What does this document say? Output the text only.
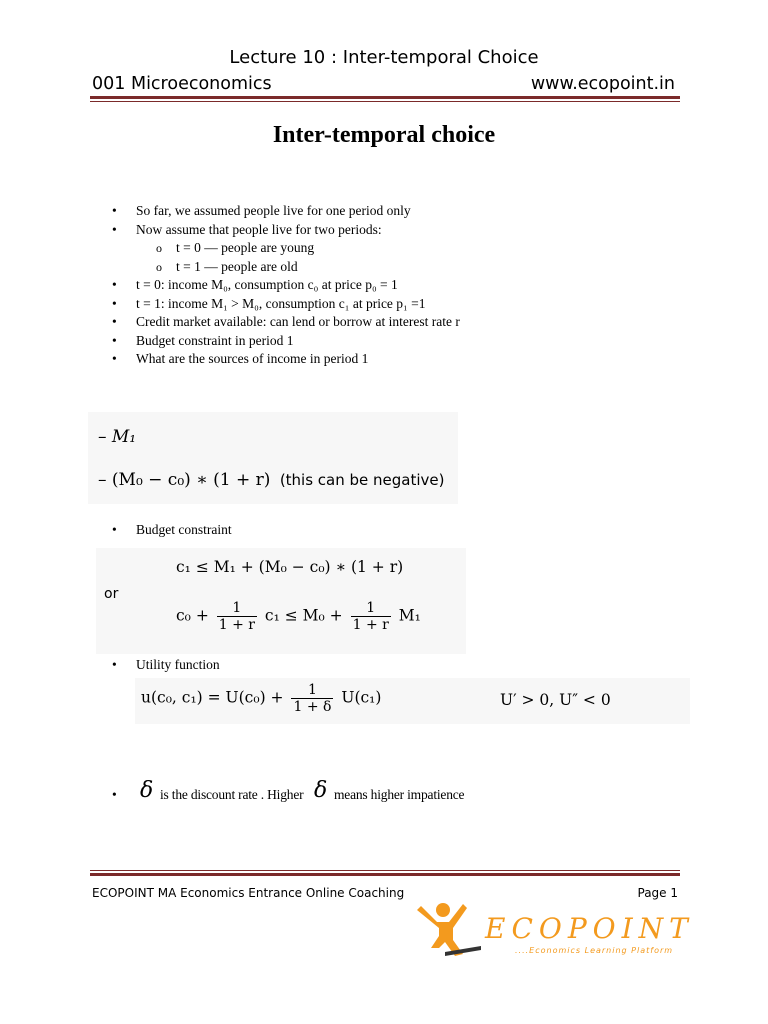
Lecture 10 : Inter-temporal Choice
001 Microeconomics	www.ecopoint.in
Inter-temporal choice
• So far, we assumed people live for one period only
• Now assume that people live for two periods:
o t = 0 — people are young
o t = 1 — people are old
• t = 0: income M₀, consumption c₀ at price p₀ = 1
• t = 1: income M₁ > M₀, consumption c₁ at price p₁ =1
• Credit market available: can lend or borrow at interest rate r
• Budget constraint in period 1
• What are the sources of income in period 1
– M₁
– (M₀ − c₀) ∗ (1 + r) (this can be negative)
• Budget constraint
c₁ ≤ M₁ + (M₀ − c₀) ∗ (1 + r)
or
$c_0 + \frac{1}{1 + r} c_1 \le M_0 + \frac{1}{1 + r} M_1$
• Utility function
u(c₀, $c_1) = U(c_0) + \frac{1}{1 + \delta} U(c_1)$	U′ > 0, U″ < 0
• δ is the discount rate . Higher δ means higher impatience
ECOPOINT MA Economics Entrance Online Coaching	Page 1
ECOPOINT
....Economics Learning Platform
